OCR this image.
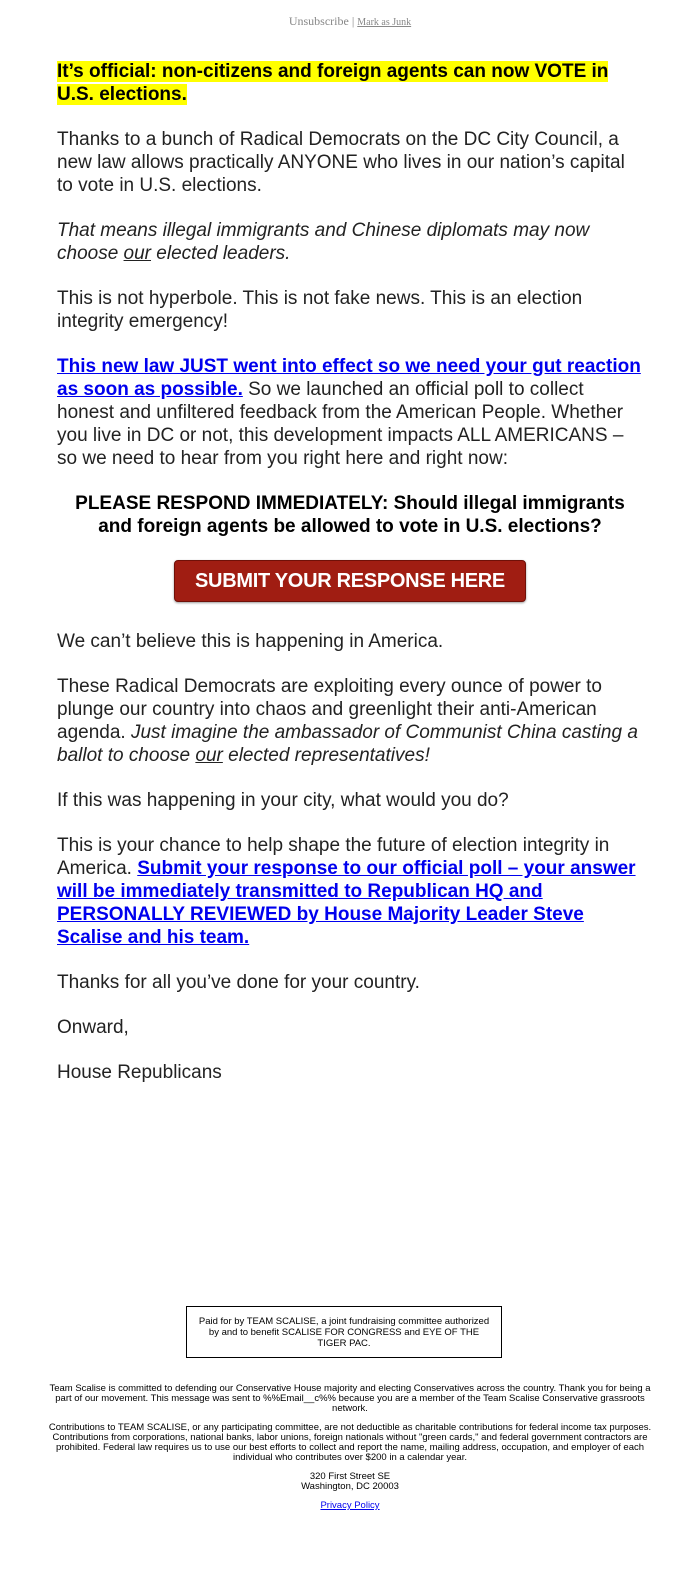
Unsubscribe | Mark as Junk

It’s official: non-citizens and foreign agents can now VOTE in U.S. elections.

Thanks to a bunch of Radical Democrats on the DC City Council, a new law allows practically ANYONE who lives in our nation’s capital to vote in U.S. elections.

That means illegal immigrants and Chinese diplomats may now choose our elected leaders.

This is not hyperbole. This is not fake news. This is an election integrity emergency!

This new law JUST went into effect so we need your gut reaction as soon as possible. So we launched an official poll to collect honest and unfiltered feedback from the American People. Whether you live in DC or not, this development impacts ALL AMERICANS – so we need to hear from you right here and right now:

PLEASE RESPOND IMMEDIATELY: Should illegal immigrants and foreign agents be allowed to vote in U.S. elections?

SUBMIT YOUR RESPONSE HERE

We can’t believe this is happening in America.

These Radical Democrats are exploiting every ounce of power to plunge our country into chaos and greenlight their anti-American agenda. Just imagine the ambassador of Communist China casting a ballot to choose our elected representatives!

If this was happening in your city, what would you do?

This is your chance to help shape the future of election integrity in America. Submit your response to our official poll – your answer will be immediately transmitted to Republican HQ and PERSONALLY REVIEWED by House Majority Leader Steve Scalise and his team.

Thanks for all you’ve done for your country.

Onward,

House Republicans

Paid for by TEAM SCALISE, a joint fundraising committee authorized by and to benefit SCALISE FOR CONGRESS and EYE OF THE TIGER PAC.

Team Scalise is committed to defending our Conservative House majority and electing Conservatives across the country. Thank you for being a part of our movement. This message was sent to %%Email__c%% because you are a member of the Team Scalise Conservative grassroots network.

Contributions to TEAM SCALISE, or any participating committee, are not deductible as charitable contributions for federal income tax purposes. Contributions from corporations, national banks, labor unions, foreign nationals without "green cards," and federal government contractors are prohibited. Federal law requires us to use our best efforts to collect and report the name, mailing address, occupation, and employer of each individual who contributes over $200 in a calendar year.

320 First Street SE
Washington, DC 20003

Privacy Policy
